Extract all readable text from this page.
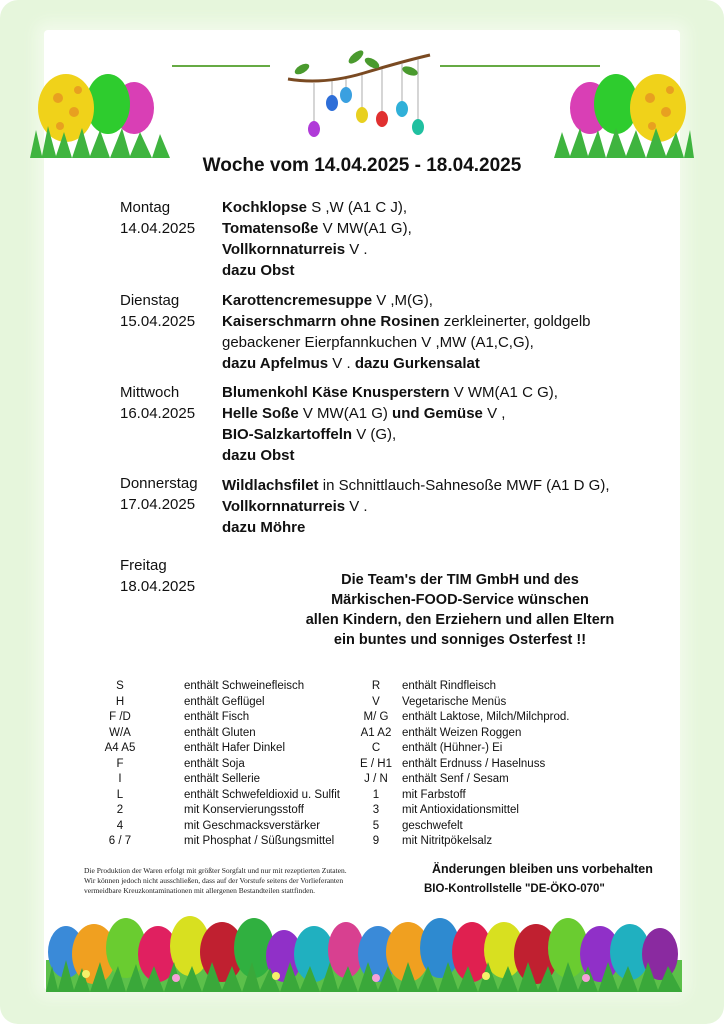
Woche vom 14.04.2025 - 18.04.2025
Montag
14.04.2025
Kochklopse S ,W (A1 C J),
Tomatensoße V MW(A1 G),
Vollkornnaturreis V .
dazu Obst
Dienstag
15.04.2025
Karottencremesuppe V ,M(G),
Kaiserschmarrn ohne Rosinen zerkleinerter, goldgelb
gebackener Eierpfannkuchen V ,MW (A1,C,G),
dazu Apfelmus V . dazu Gurkensalat
Mittwoch
16.04.2025
Blumenkohl Käse Knusperstern V WM(A1 C G),
Helle Soße V MW(A1 G) und Gemüse V ,
BIO-Salzkartoffeln V (G),
dazu Obst
Donnerstag
17.04.2025
Wildlachsfilet in Schnittlauch-Sahnesoße MWF (A1 D G),
Vollkornnaturreis V .
dazu Möhre
Freitag
18.04.2025	Die Team's der TIM GmbH und des
Märkischen-FOOD-Service wünschen
allen Kindern, den Erziehern und allen Eltern
ein buntes und sonniges Osterfest !!
S	enthält Schweinefleisch	R	enthält Rindfleisch
H	enthält Geflügel	V	Vegetarische Menüs
F /D	enthält Fisch	M/ G	enthält Laktose, Milch/Milchprod.
W/A	enthält Gluten	A1 A2 enthält Weizen Roggen
A4 A5	enthält Hafer Dinkel	C	enthält (Hühner-) Ei
F	enthält Soja	E / H1 enthält Erdnuss / Haselnuss
I	enthält Sellerie	J / N	enthält Senf / Sesam
L	enthält Schwefeldioxid u. Sulfit	1	mit Farbstoff
2	mit Konservierungsstoff	3	mit Antioxidationsmittel
4	mit Geschmacksverstärker	5	geschwefelt
6 / 7	mit Phosphat / Süßungsmittel	9	mit Nitritpökelsalz
Die Produktion der Waren erfolgt mit größter Sorgfalt und nur mit rezeptierten Zutaten.
Wir können jedoch nicht ausschließen, dass auf der Vorstufe seitens der Vorlieferanten
vermeidbare Kreuzkontaminationen mit allergenen Bestandteilen stattfinden.
Änderungen bleiben uns vorbehalten
BIO-Kontrollstelle "DE-ÖKO-070"
